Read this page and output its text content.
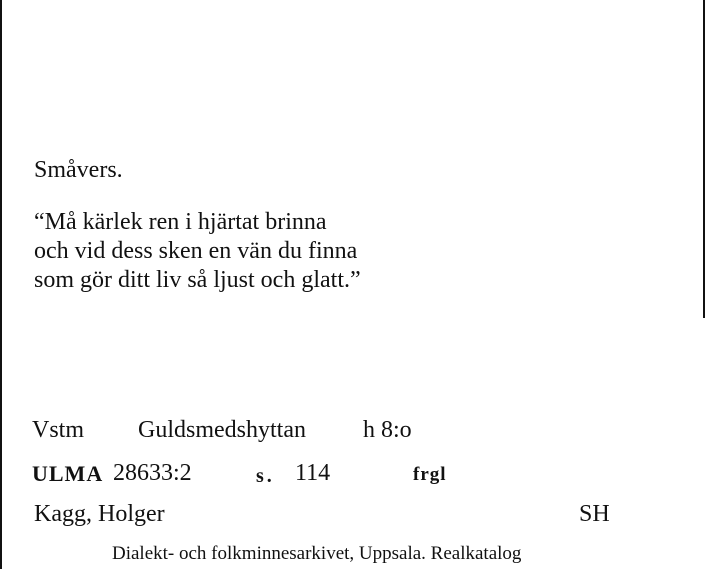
Småvers.
“Må kärlek ren i hjärtat brinna
och vid dess sken en vän du finna
som gör ditt liv så ljust och glatt.”
Vstm Guldsmedshyttan h 8:o
ULMA 28633:2	s. 114	frgl
Kagg, Holger	SH
Dialekt- och folkminnesarkivet, Uppsala. Realkatalog
